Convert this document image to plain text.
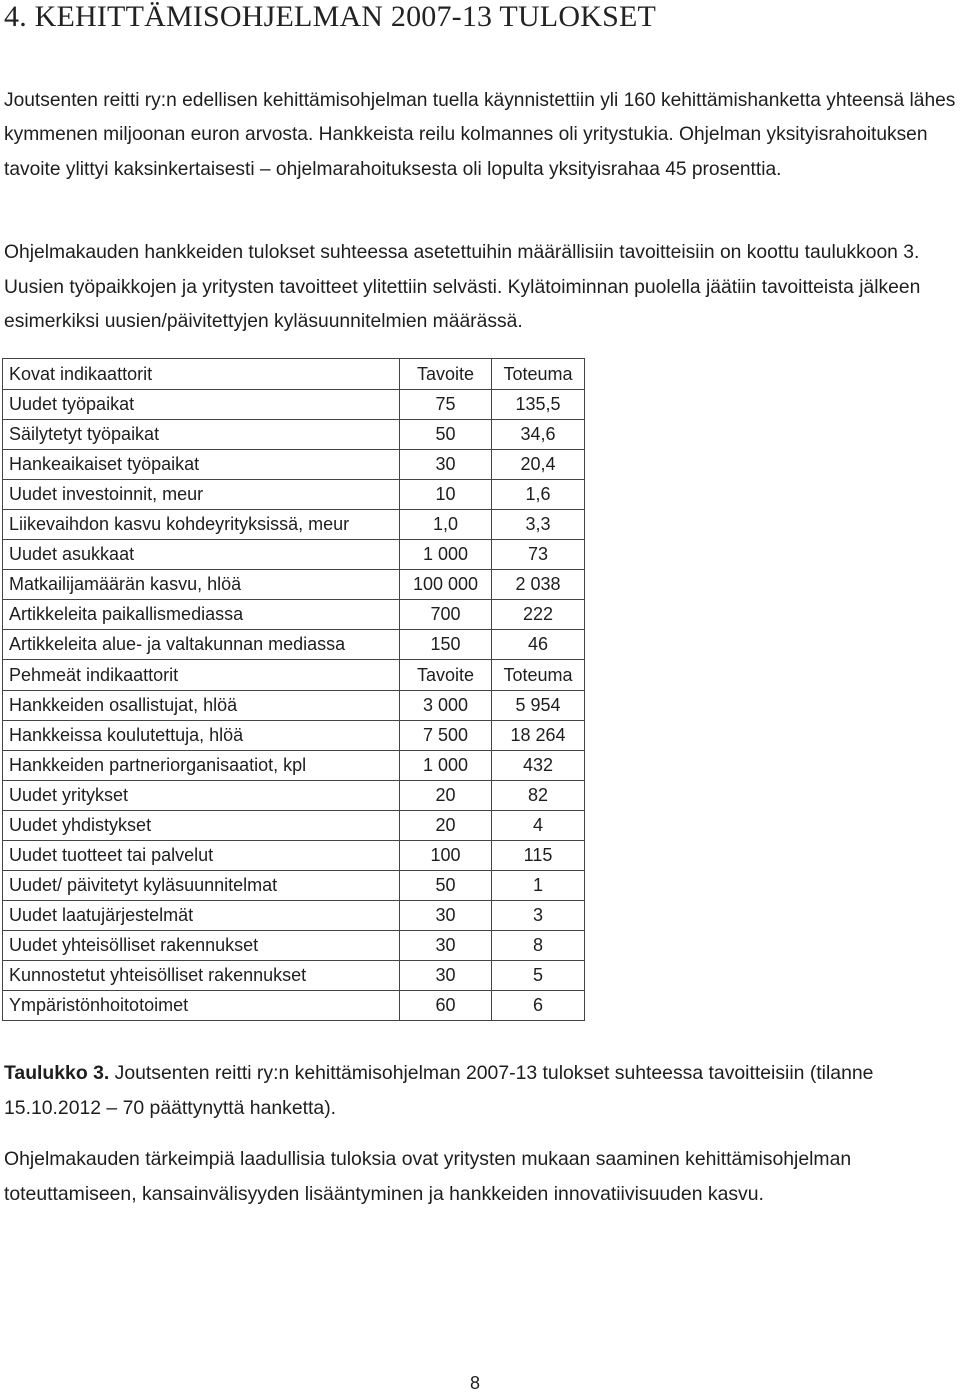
4. KEHITTÄMISOHJELMAN 2007-13 TULOKSET

Joutsenten reitti ry:n edellisen kehittämisohjelman tuella käynnistettiin yli 160 kehittämishanketta yhteensä lähes kymmenen miljoonan euron arvosta. Hankkeista reilu kolmannes oli yritystukia. Ohjelman yksityisrahoituksen tavoite ylittyi kaksinkertaisesti – ohjelmarahoituksesta oli lopulta yksityisrahaa 45 prosenttia.

Ohjelmakauden hankkeiden tulokset suhteessa asetettuihin määrällisiin tavoitteisiin on koottu taulukkoon 3. Uusien työpaikkojen ja yritysten tavoitteet ylitettiin selvästi. Kylätoiminnan puolella jäätiin tavoitteista jälkeen esimerkiksi uusien/päivitettyjen kyläsuunnitelmien määrässä.

Kovat indikaattorit	Tavoite	Toteuma
Uudet työpaikat	75	135,5
Säilytetyt työpaikat	50	34,6
Hankeaikaiset työpaikat	30	20,4
Uudet investoinnit, meur	10	1,6
Liikevaihdon kasvu kohdeyrityksissä, meur	1,0	3,3
Uudet asukkaat	1 000	73
Matkailijamäärän kasvu, hlöä	100 000	2 038
Artikkeleita paikallismediassa	700	222
Artikkeleita alue- ja valtakunnan mediassa	150	46
Pehmeät indikaattorit	Tavoite	Toteuma
Hankkeiden osallistujat, hlöä	3 000	5 954
Hankkeissa koulutettuja, hlöä	7 500	18 264
Hankkeiden partneriorganisaatiot, kpl	1 000	432
Uudet yritykset	20	82
Uudet yhdistykset	20	4
Uudet tuotteet tai palvelut	100	115
Uudet/ päivitetyt kyläsuunnitelmat	50	1
Uudet laatujärjestelmät	30	3
Uudet yhteisölliset rakennukset	30	8
Kunnostetut yhteisölliset rakennukset	30	5
Ympäristönhoitotoimet	60	6

Taulukko 3. Joutsenten reitti ry:n kehittämisohjelman 2007-13 tulokset suhteessa tavoitteisiin (tilanne 15.10.2012 – 70 päättynyttä hanketta).

Ohjelmakauden tärkeimpiä laadullisia tuloksia ovat yritysten mukaan saaminen kehittämisohjelman toteuttamiseen, kansainvälisyyden lisääntyminen ja hankkeiden innovatiivisuuden kasvu.

8
